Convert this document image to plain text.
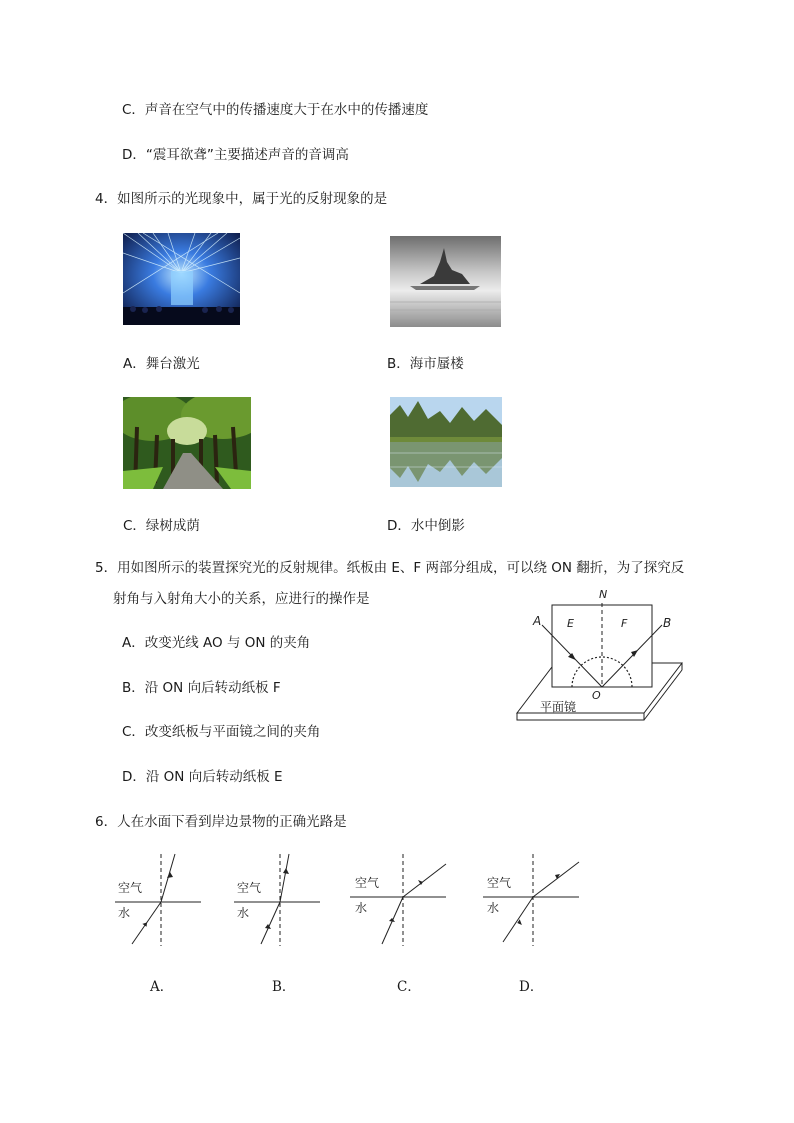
C．声音在空气中的传播速度大于在水中的传播速度
D．“震耳欲聋”主要描述声音的音调高
4．如图所示的光现象中，属于光的反射现象的是
A．舞台激光	B．海市蜃楼
C．绿树成荫	D．水中倒影
5．用如图所示的装置探究光的反射规律。纸板由 E、F 两部分组成，可以绕 ON 翻折，为了探究反
射角与入射角大小的关系，应进行的操作是
A．改变光线 AO 与 ON 的夹角
B．沿 ON 向后转动纸板 F
C．改变纸板与平面镜之间的夹角
D．沿 ON 向后转动纸板 E
N
A	B
E	F
O
平面镜
6．人在水面下看到岸边景物的正确光路是
空气
水
A．
空气
水
B．
空气
水
C．
空气
水
D．
